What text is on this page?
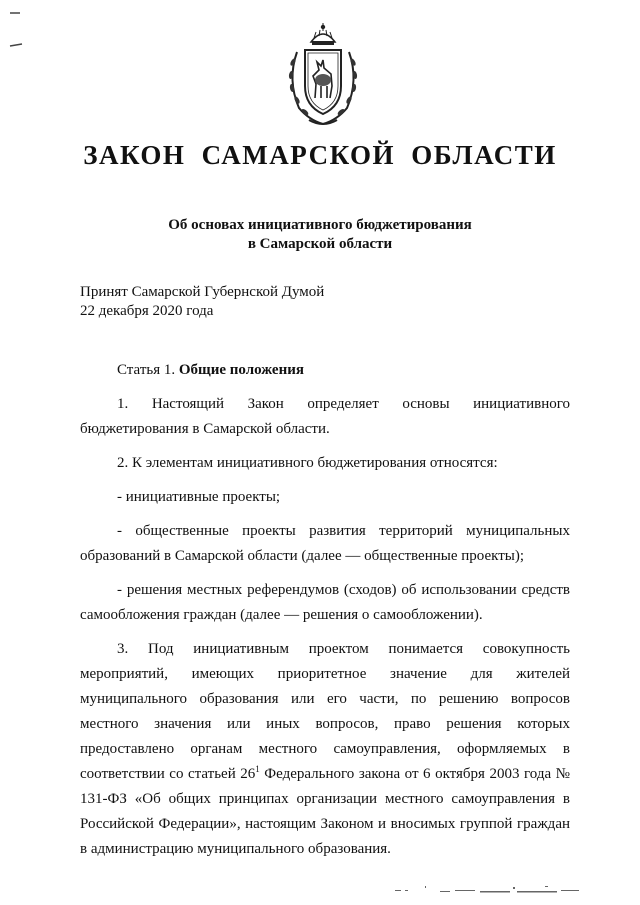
ЗАКОН САМАРСКОЙ ОБЛАСТИ
Об основах инициативного бюджетирования
в Самарской области
Принят Самарской Губернской Думой
22 декабря 2020 года

Статья 1. Общие положения

1. Настоящий Закон определяет основы инициативного бюджетирования в Самарской области.

2. К элементам инициативного бюджетирования относятся:

- инициативные проекты;

- общественные проекты развития территорий муниципальных образований в Самарской области (далее — общественные проекты);

- решения местных референдумов (сходов) об использовании средств самообложения граждан (далее — решения о самообложении).

3. Под инициативным проектом понимается совокупность мероприятий, имеющих приоритетное значение для жителей муниципального образования или его части, по решению вопросов местного значения или иных вопросов, право решения которых предоставлено органам местного самоуправления, оформляемых в соответствии со статьей $26^1$ Федерального закона от 6 октября 2003 года № 131-ФЗ «Об общих принципах организации местного самоуправления в Российской Федерации», настоящим Законом и вносимых группой граждан в администрацию муниципального образования.
